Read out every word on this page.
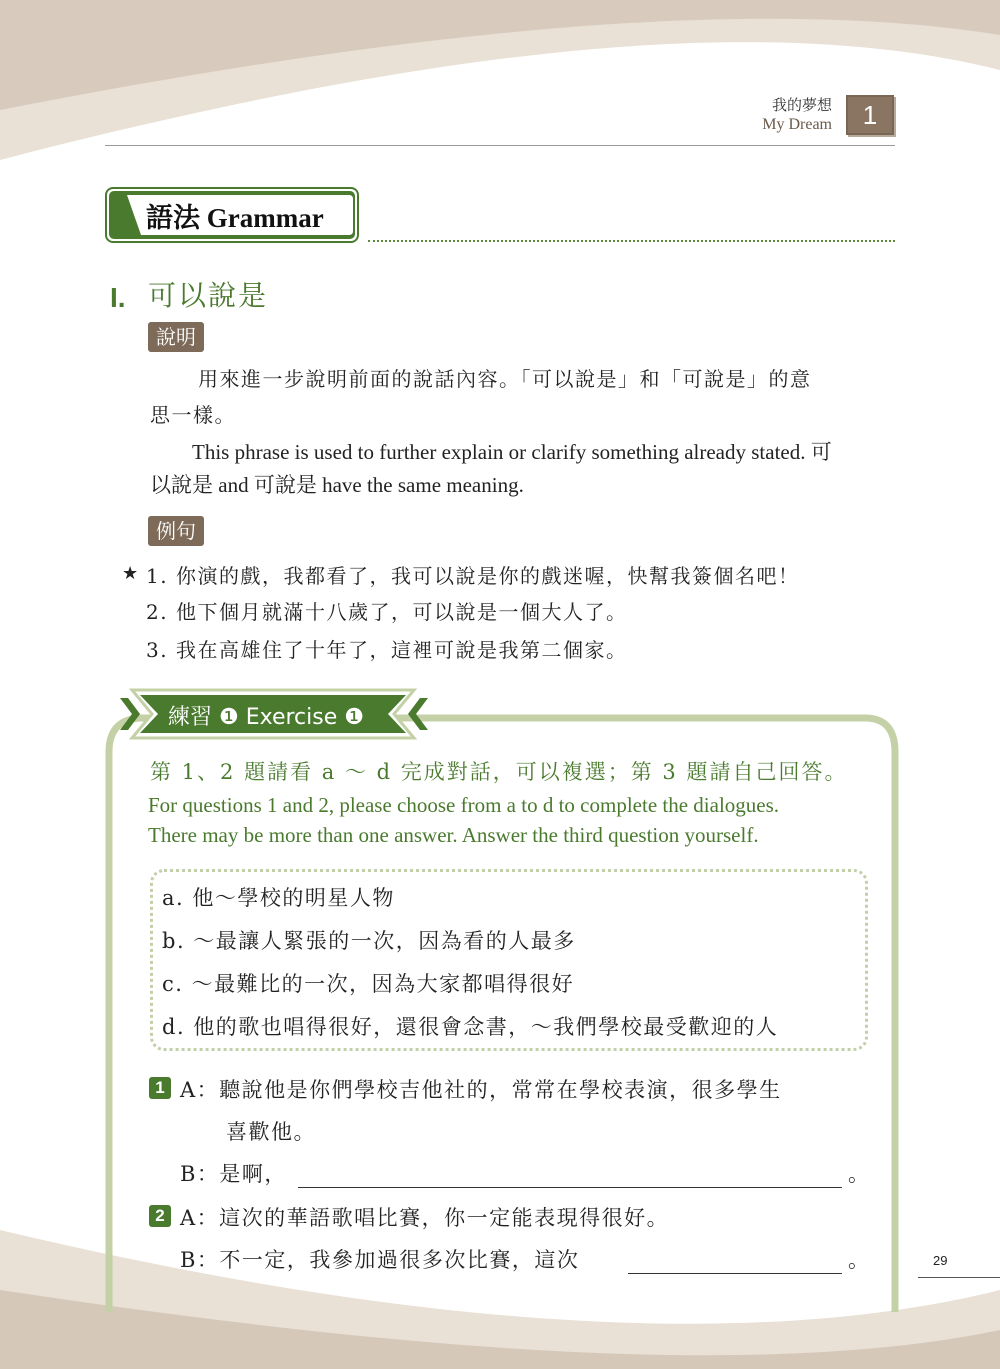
我的夢想
My Dream	1
語法 Grammar
I. 可以說是
說明
用來進一步說明前面的說話內容。「可以說是」和「可說是」的意
思一樣。
This phrase is used to further explain or clarify something already stated. 可
以說是 and 可說是 have the same meaning.
例句
★ 1. 你演的戲，我都看了，我可以說是你的戲迷喔，快幫我簽個名吧！
2. 他下個月就滿十八歲了，可以說是一個大人了。
3. 我在高雄住了十年了，這裡可說是我第二個家。
練習 ❶ Exercise ❶
第 1、2 題請看 a ～ d 完成對話，可以複選；第 3 題請自己回答。
For questions 1 and 2, please choose from a to d to complete the dialogues.
There may be more than one answer. Answer the third question yourself.
a. 他～學校的明星人物
b. ～最讓人緊張的一次，因為看的人最多
c. ～最難比的一次，因為大家都唱得很好
d. 他的歌也唱得很好，還很會念書，～我們學校最受歡迎的人
1 A：聽說他是你們學校吉他社的，常常在學校表演，很多學生
喜歡他。
B：是啊，	。
2 A：這次的華語歌唱比賽，你一定能表現得很好。
B：不一定，我參加過很多次比賽，這次	。	29
